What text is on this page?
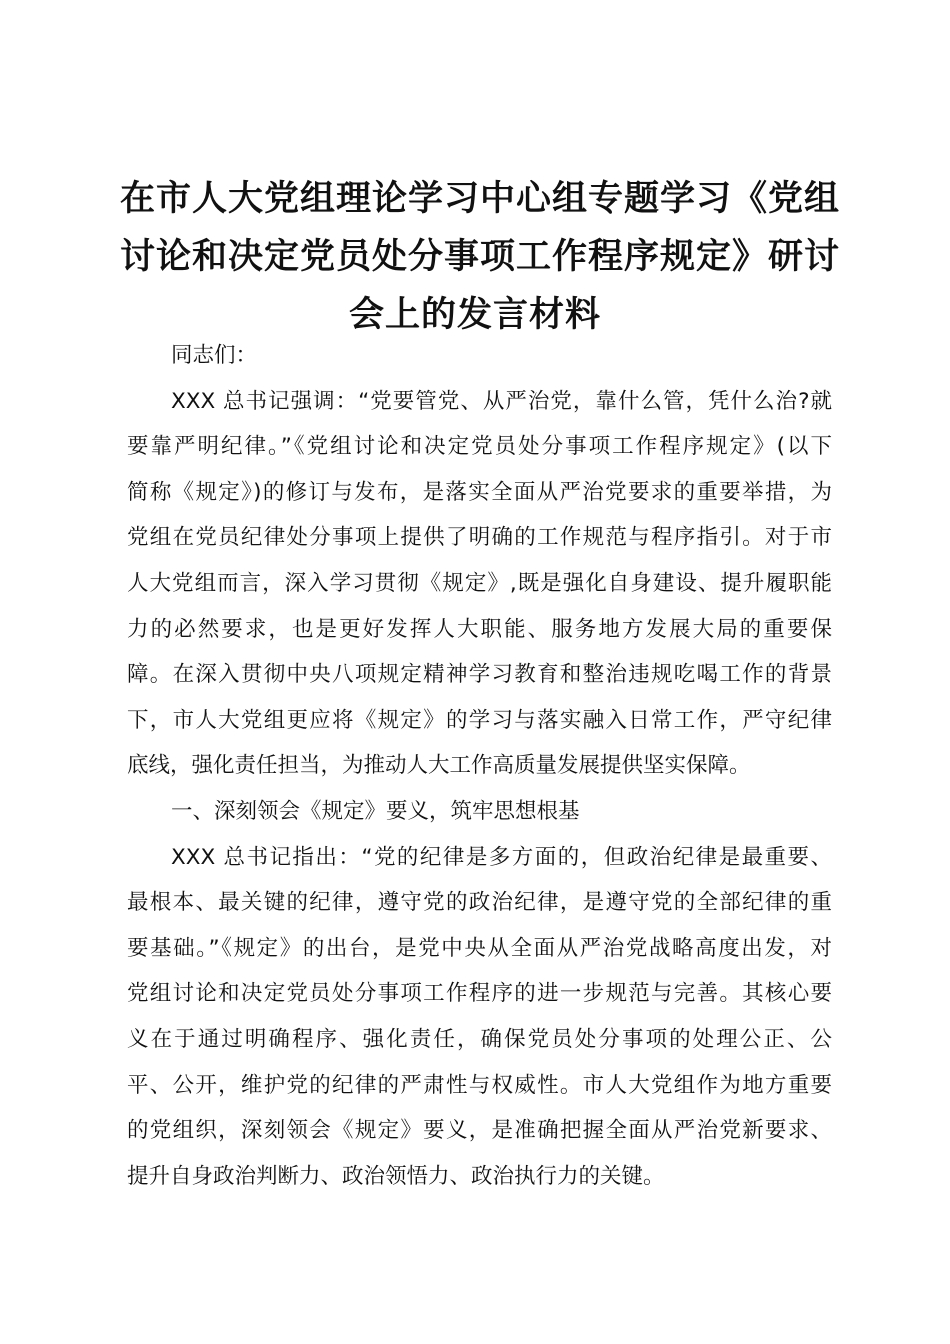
在市人大党组理论学习中心组专题学习《党组
讨论和决定党员处分事项工作程序规定》研讨
会上的发言材料
同志们：
XXX 总书记强调：“党要管党、从严治党，靠什么管，凭什么治?就
要靠严明纪律。”《党组讨论和决定党员处分事项工作程序规定》(以下
简称《规定》)的修订与发布，是落实全面从严治党要求的重要举措，为
党组在党员纪律处分事项上提供了明确的工作规范与程序指引。对于市
人大党组而言，深入学习贯彻《规定》,既是强化自身建设、提升履职能
力的必然要求，也是更好发挥人大职能、服务地方发展大局的重要保
障。在深入贯彻中央八项规定精神学习教育和整治违规吃喝工作的背景
下，市人大党组更应将《规定》的学习与落实融入日常工作，严守纪律
底线，强化责任担当，为推动人大工作高质量发展提供坚实保障。
一、深刻领会《规定》要义，筑牢思想根基
XXX 总书记指出：“党的纪律是多方面的，但政治纪律是最重要、
最根本、最关键的纪律，遵守党的政治纪律，是遵守党的全部纪律的重
要基础。”《规定》的出台，是党中央从全面从严治党战略高度出发，对
党组讨论和决定党员处分事项工作程序的进一步规范与完善。其核心要
义在于通过明确程序、强化责任，确保党员处分事项的处理公正、公
平、公开，维护党的纪律的严肃性与权威性。市人大党组作为地方重要
的党组织，深刻领会《规定》要义，是准确把握全面从严治党新要求、
提升自身政治判断力、政治领悟力、政治执行力的关键。
